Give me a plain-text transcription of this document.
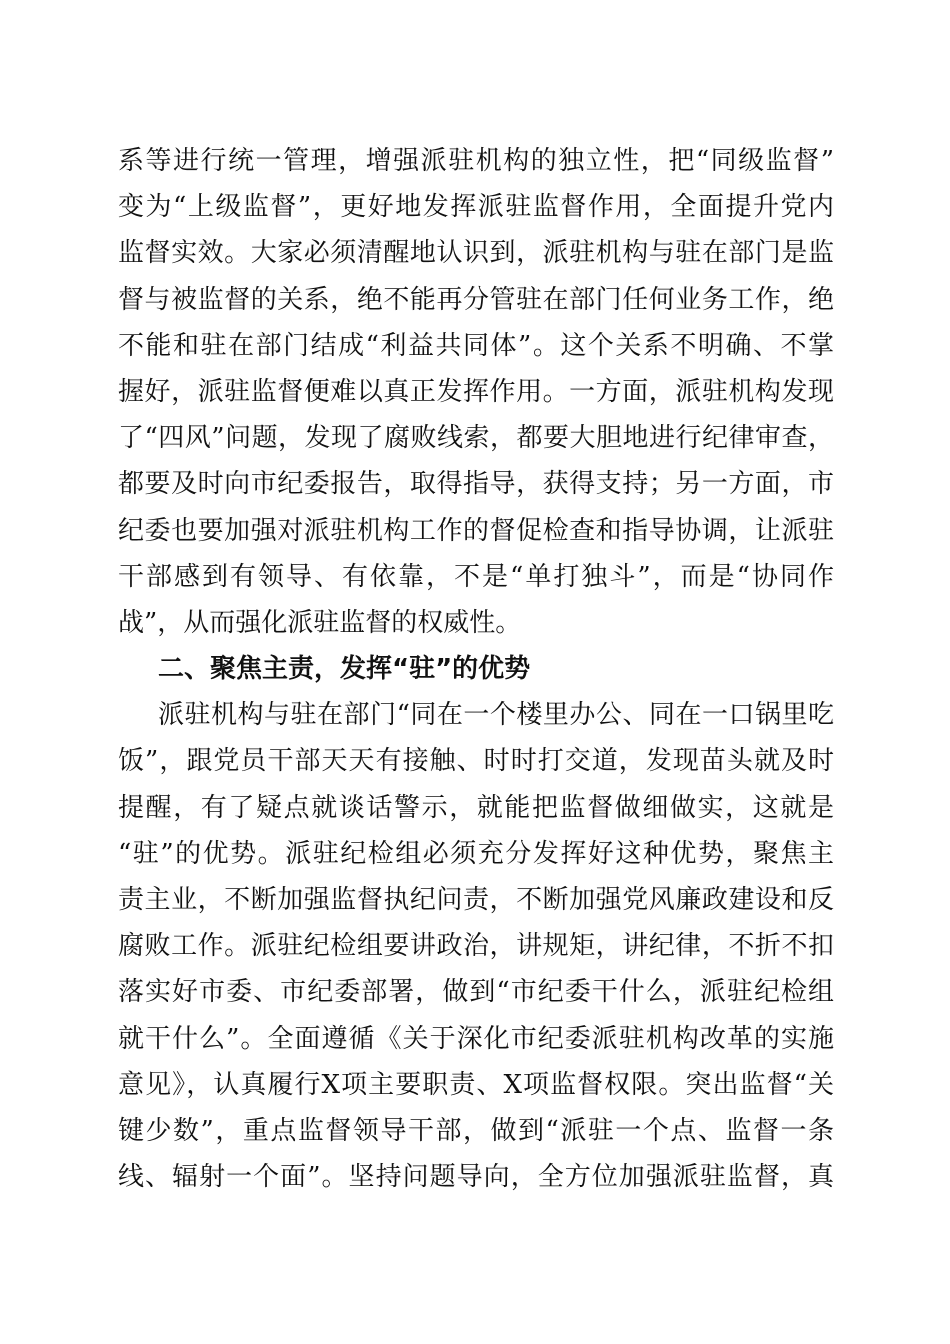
系等进行统一管理，增强派驻机构的独立性，把“同级监督”
变为“上级监督”，更好地发挥派驻监督作用，全面提升党内
监督实效。大家必须清醒地认识到，派驻机构与驻在部门是监
督与被监督的关系，绝不能再分管驻在部门任何业务工作，绝
不能和驻在部门结成“利益共同体”。这个关系不明确、不掌
握好，派驻监督便难以真正发挥作用。一方面，派驻机构发现
了“四风”问题，发现了腐败线索，都要大胆地进行纪律审查，
都要及时向市纪委报告，取得指导，获得支持；另一方面，市
纪委也要加强对派驻机构工作的督促检查和指导协调，让派驻
干部感到有领导、有依靠，不是“单打独斗”，而是“协同作
战”，从而强化派驻监督的权威性。
二、聚焦主责，发挥“驻”的优势
派驻机构与驻在部门“同在一个楼里办公、同在一口锅里吃
饭”，跟党员干部天天有接触、时时打交道，发现苗头就及时
提醒，有了疑点就谈话警示，就能把监督做细做实，这就是
“驻”的优势。派驻纪检组必须充分发挥好这种优势，聚焦主
责主业，不断加强监督执纪问责，不断加强党风廉政建设和反
腐败工作。派驻纪检组要讲政治，讲规矩，讲纪律，不折不扣
落实好市委、市纪委部署，做到“市纪委干什么，派驻纪检组
就干什么”。全面遵循《关于深化市纪委派驻机构改革的实施
意见》，认真履行X项主要职责、X项监督权限。突出监督“关
键少数”，重点监督领导干部，做到“派驻一个点、监督一条
线、辐射一个面”。坚持问题导向，全方位加强派驻监督，真
